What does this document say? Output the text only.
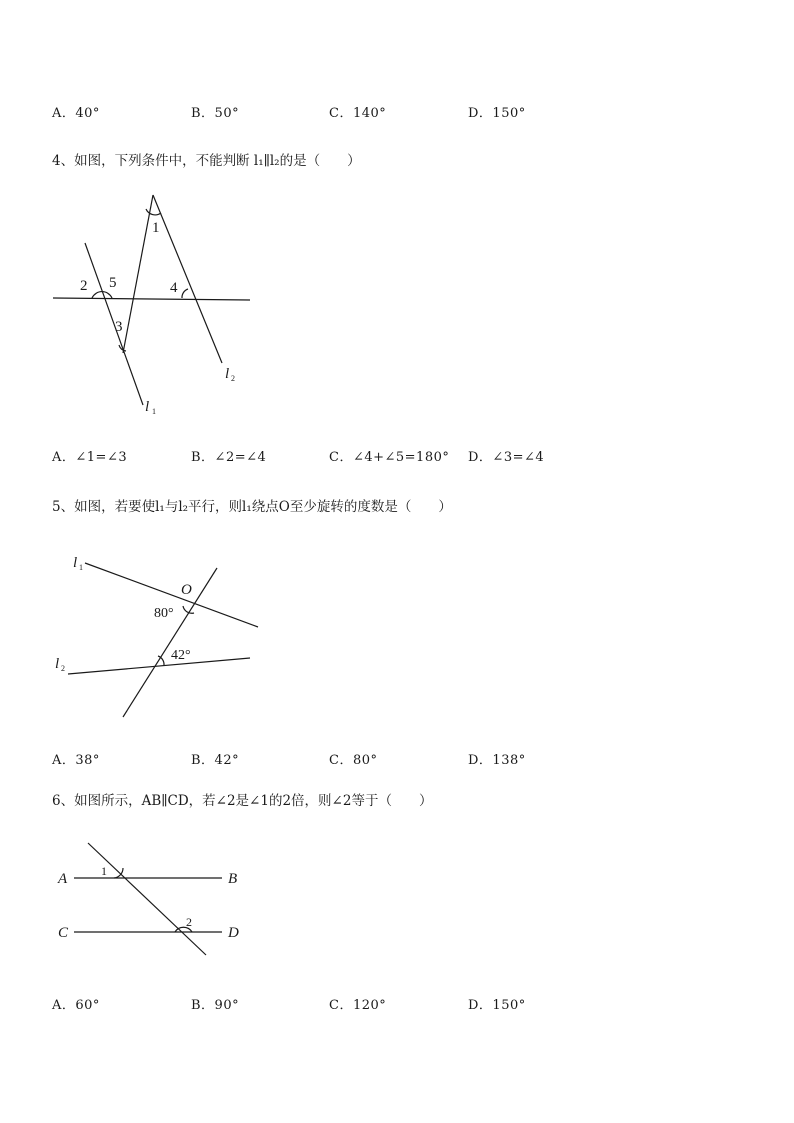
A．40°	B．50°	C．140°	D．150°
4、如图，下列条件中，不能判断 l₁∥l₂的是（　　）
1
2
3
4
5
l 1
l 2
A．∠1=∠3	B．∠2=∠4	C．∠4+∠5=180° D．∠3=∠4
5、如图，若要使l₁与l₂平行，则l₁绕点O至少旋转的度数是（　　）
l 1
l 2
O
80°
42°
A．38°	B．42°	C．80°	D．138°
6、如图所示，AB∥CD，若∠2是∠1的2倍，则∠2等于（　　）
A	B
C	D
1
2
A．60°	B．90°	C．120°	D．150°
